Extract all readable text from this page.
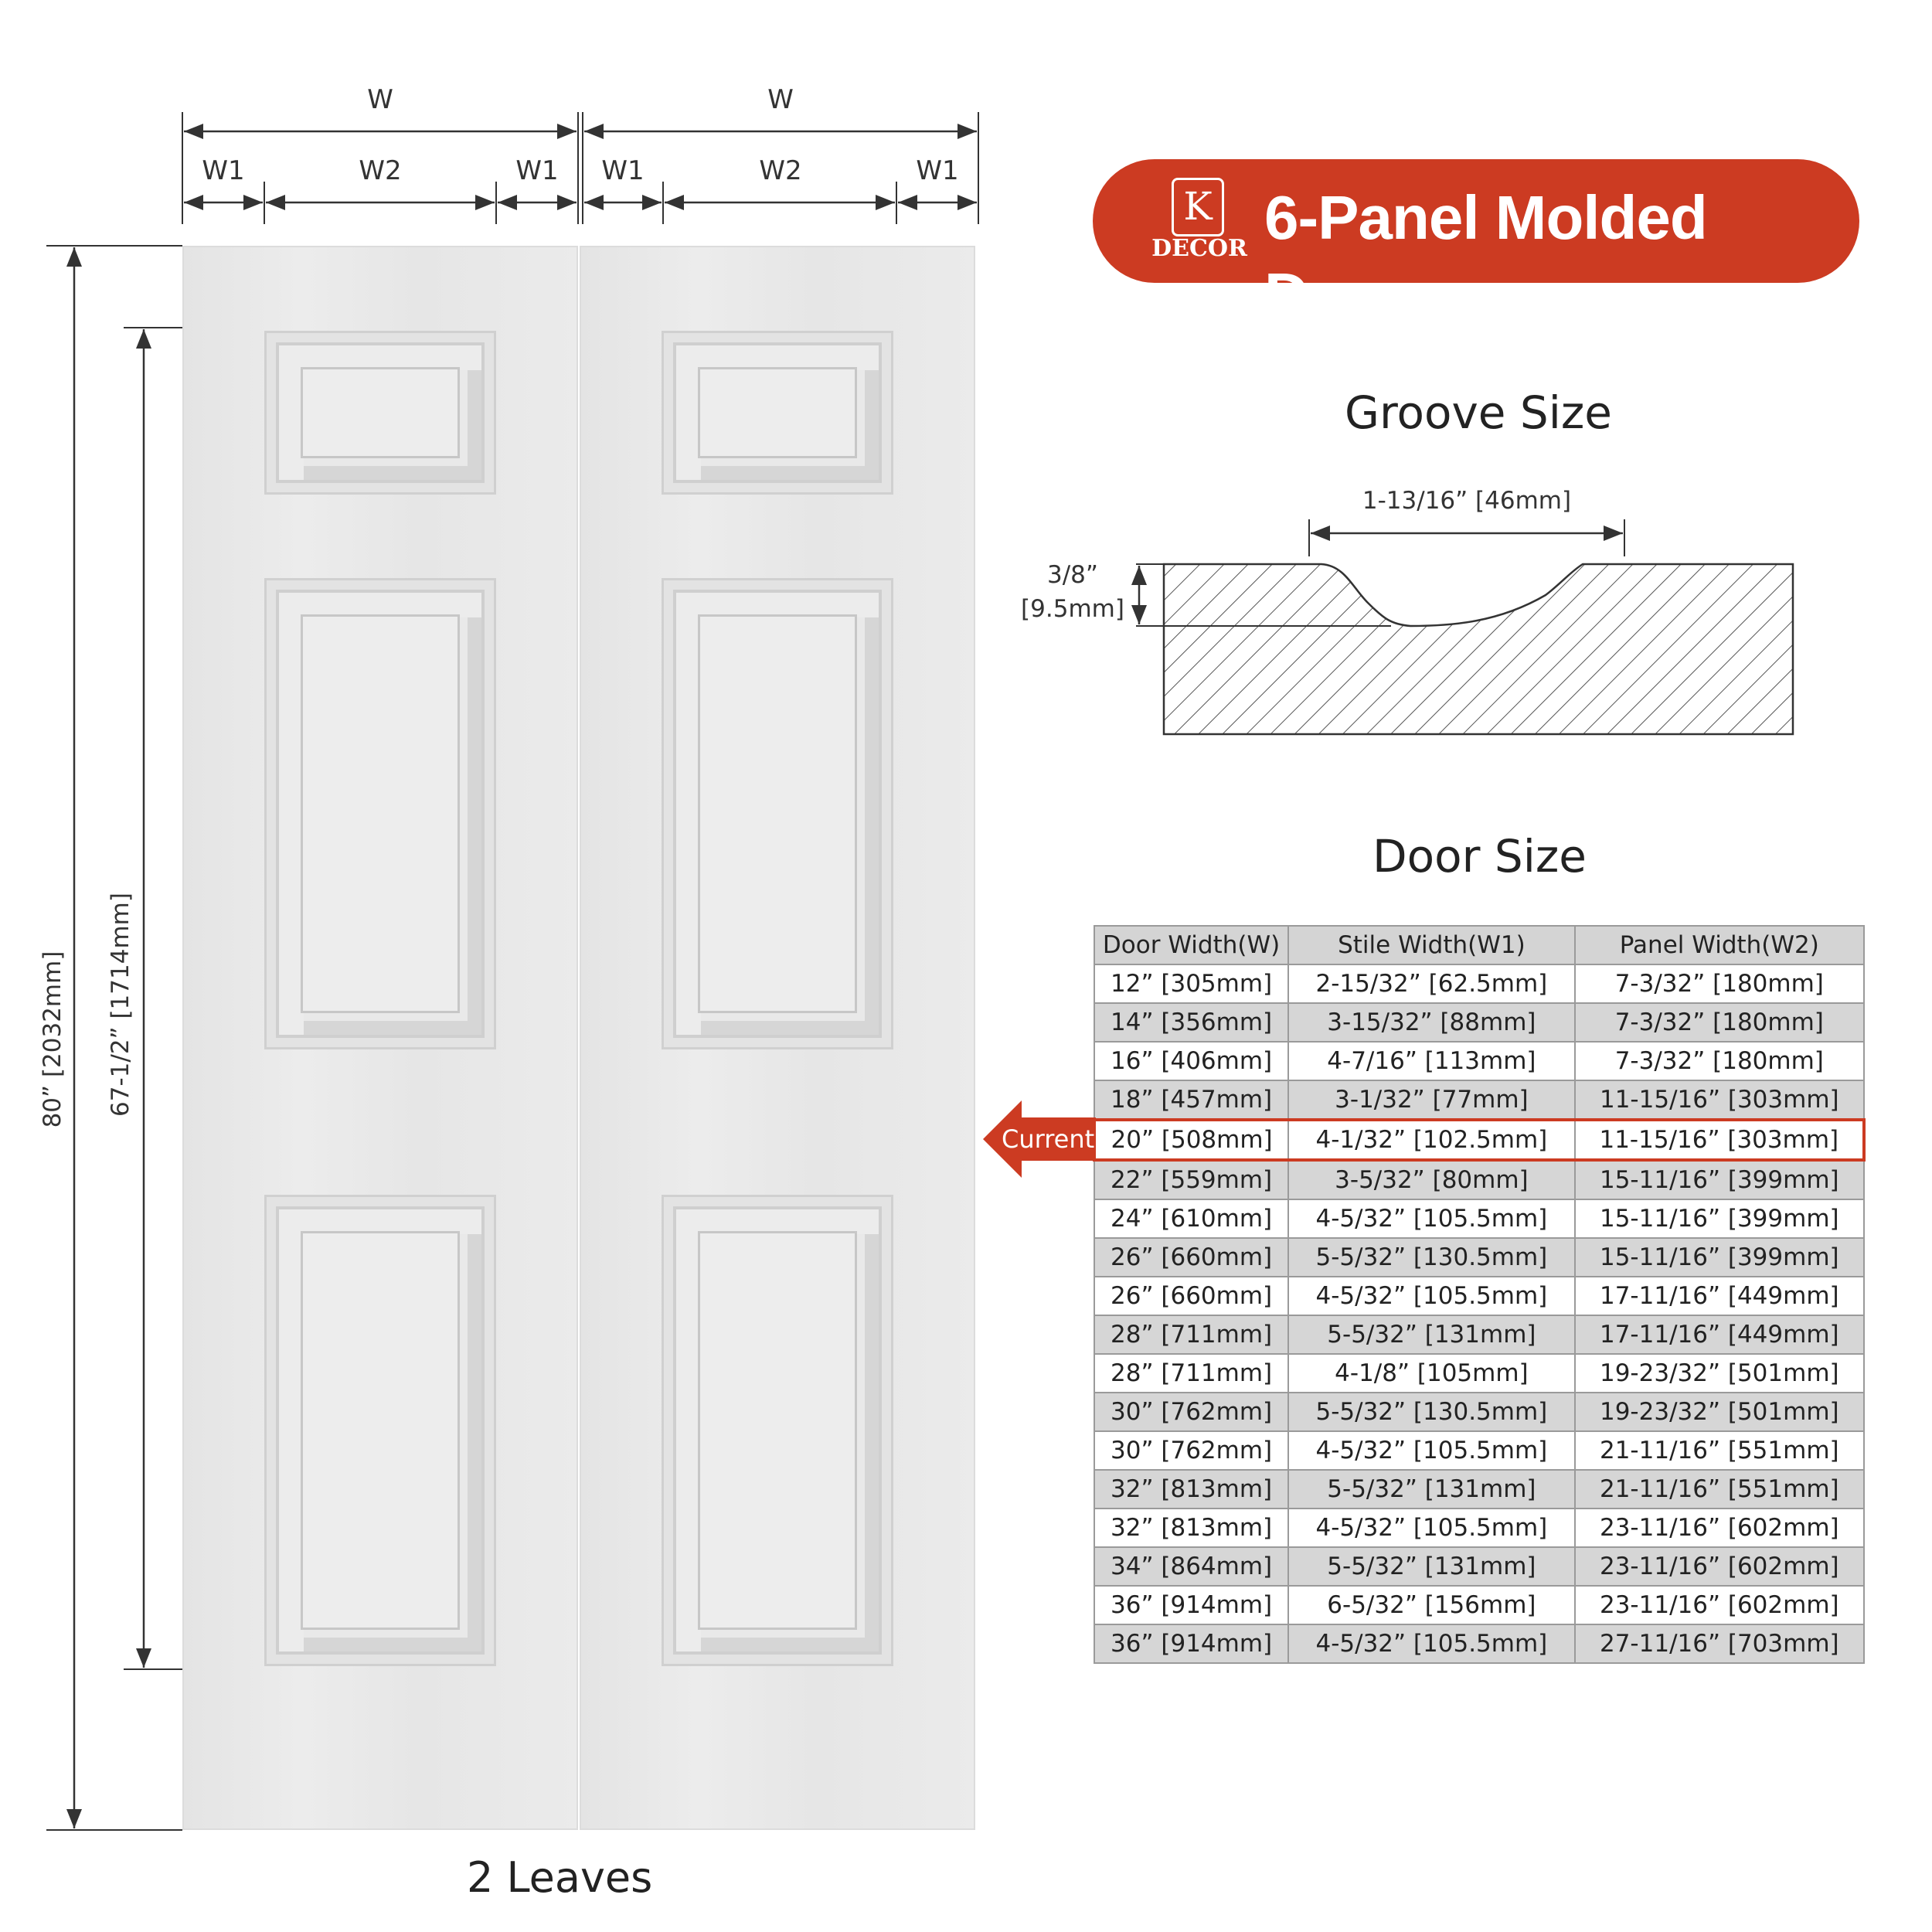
W	W
W1	W2	W1 W1	W2	W1
80” [2032mm] 67-1/2” [1714mm]
2 Leaves
K
DECOR 6-Panel Molded Door
Groove Size
1-13/16” [46mm]
3/8”
[9.5mm]
Door Size
Door Width(W)	Stile Width(W1)	Panel Width(W2)
12” [305mm]	2-15/32” [62.5mm]	7-3/32” [180mm]
14” [356mm]	3-15/32” [88mm]	7-3/32” [180mm]
16” [406mm]	4-7/16” [113mm]	7-3/32” [180mm]
18” [457mm]	3-1/32” [77mm]	11-15/16” [303mm]
20” [508mm]	4-1/32” [102.5mm]	11-15/16” [303mm]
22” [559mm]	3-5/32” [80mm]	15-11/16” [399mm]
24” [610mm]	4-5/32” [105.5mm]	15-11/16” [399mm]
26” [660mm]	5-5/32” [130.5mm]	15-11/16” [399mm]
26” [660mm]	4-5/32” [105.5mm]	17-11/16” [449mm]
28” [711mm]	5-5/32” [131mm]	17-11/16” [449mm]
28” [711mm]	4-1/8” [105mm]	19-23/32” [501mm]
30” [762mm]	5-5/32” [130.5mm]	19-23/32” [501mm]
30” [762mm]	4-5/32” [105.5mm]	21-11/16” [551mm]
32” [813mm]	5-5/32” [131mm]	21-11/16” [551mm]
32” [813mm]	4-5/32” [105.5mm]	23-11/16” [602mm]
34” [864mm]	5-5/32” [131mm]	23-11/16” [602mm]
36” [914mm]	6-5/32” [156mm]	23-11/16” [602mm]
36” [914mm]	4-5/32” [105.5mm]	27-11/16” [703mm]
Current
